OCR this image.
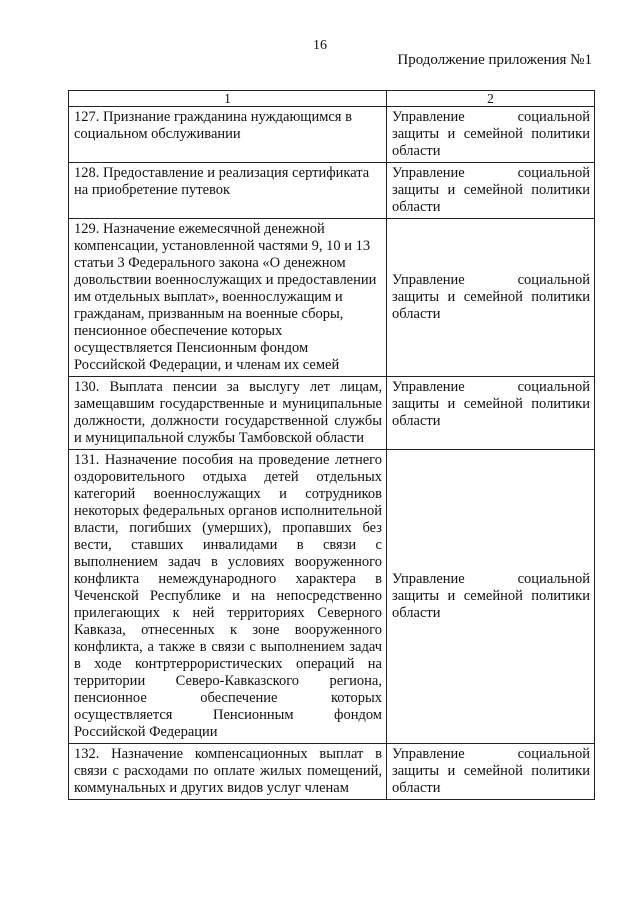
16
Продолжение приложения №1
1	2
127. Признание гражданина нуждающимся в социальном обслуживании	Управление социальной защиты и семейной политики области
128. Предоставление и реализация сертификата на приобретение путевок	Управление социальной защиты и семейной политики области
129. Назначение ежемесячной денежной компенсации, установленной частями 9, 10 и 13 статьи 3 Федерального закона «О денежном довольствии военнослужащих и предоставлении им отдельных выплат», военнослужащим и гражданам, призванным на военные сборы, пенсионное обеспечение которых осуществляется Пенсионным фондом Российской Федерации, и членам их семей	Управление социальной защиты и семейной политики области
130. Выплата пенсии за выслугу лет лицам, замещавшим государственные и муниципальные должности, должности государственной службы и муниципальной службы Тамбовской области	Управление социальной защиты и семейной политики области
131. Назначение пособия на проведение летнего оздоровительного отдыха детей отдельных категорий военнослужащих и сотрудников некоторых федеральных органов исполнительной власти, погибших (умерших), пропавших без вести, ставших инвалидами в связи с выполнением задач в условиях вооруженного конфликта немеждународного характера в Чеченской Республике и на непосредственно прилегающих к ней территориях Северного Кавказа, отнесенных к зоне вооруженного конфликта, а также в связи с выполнением задач в ходе контртеррористических операций на территории Северо-Кавказского региона, пенсионное обеспечение которых осуществляется Пенсионным фондом Российской Федерации	Управление социальной защиты и семейной политики области
132. Назначение компенсационных выплат в связи с расходами по оплате жилых помещений, коммунальных и других видов услуг членам	Управление социальной защиты и семейной политики области
